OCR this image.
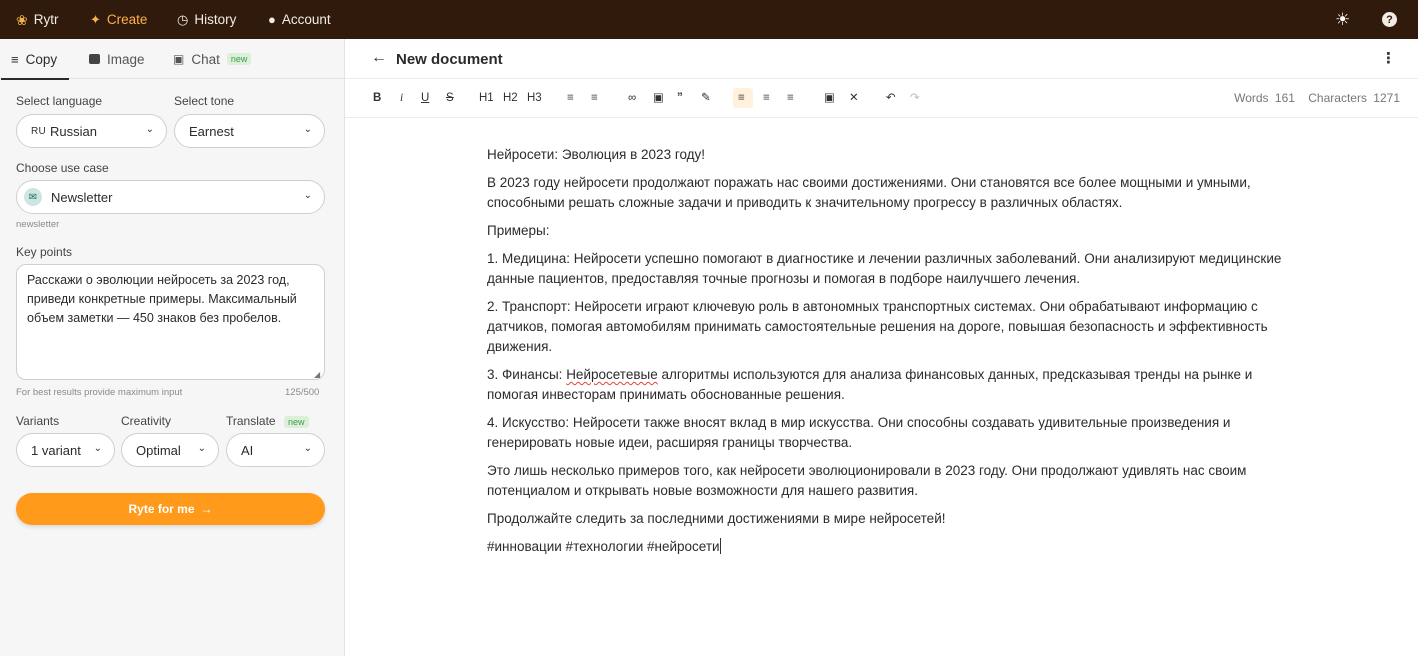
❀ Rytr ✦ Create ◷ History ● Account	☀	?
≡ Copy	Image ▣ Chat	new
Select language
RU Russian	⌄
Select tone
Earnest	⌄
Choose use case
✉	Newsletter	⌄
newsletter
Key points
Расскажи о эволюции нейросеть за 2023 год, приведи конкретные примеры. Максимальный объем заметки — 450 знаков без пробелов.
◢
For best results provide maximum input	125/500
Variants
1 variant ⌄
Creativity
Optimal ⌄
Translate	new
AI	⌄
Ryte for me →
← New document	⋮
B i U S H1 H2 H3 ≡ ≡	∞ ▣ ” ✎ ≡ ≡ ≡	▣ ✕ ↶ ↷	Words 161 Characters 1271

Нейросети: Эволюция в 2023 году!

В 2023 году нейросети продолжают поражать нас своими достижениями. Они становятся все более мощными и умными, способными решать сложные задачи и приводить к значительному прогрессу в различных областях.

Примеры:

1. Медицина: Нейросети успешно помогают в диагностике и лечении различных заболеваний. Они анализируют медицинские данные пациентов, предоставляя точные прогнозы и помогая в подборе наилучшего лечения.

2. Транспорт: Нейросети играют ключевую роль в автономных транспортных системах. Они обрабатывают информацию с датчиков, помогая автомобилям принимать самостоятельные решения на дороге, повышая безопасность и эффективность движения.

3. Финансы: Нейросетевые алгоритмы используются для анализа финансовых данных, предсказывая тренды на рынке и помогая инвесторам принимать обоснованные решения.

4. Искусство: Нейросети также вносят вклад в мир искусства. Они способны создавать удивительные произведения и генерировать новые идеи, расширяя границы творчества.

Это лишь несколько примеров того, как нейросети эволюционировали в 2023 году. Они продолжают удивлять нас своим потенциалом и открывать новые возможности для нашего развития.

Продолжайте следить за последними достижениями в мире нейросетей!

#инновации #технологии #нейросети
